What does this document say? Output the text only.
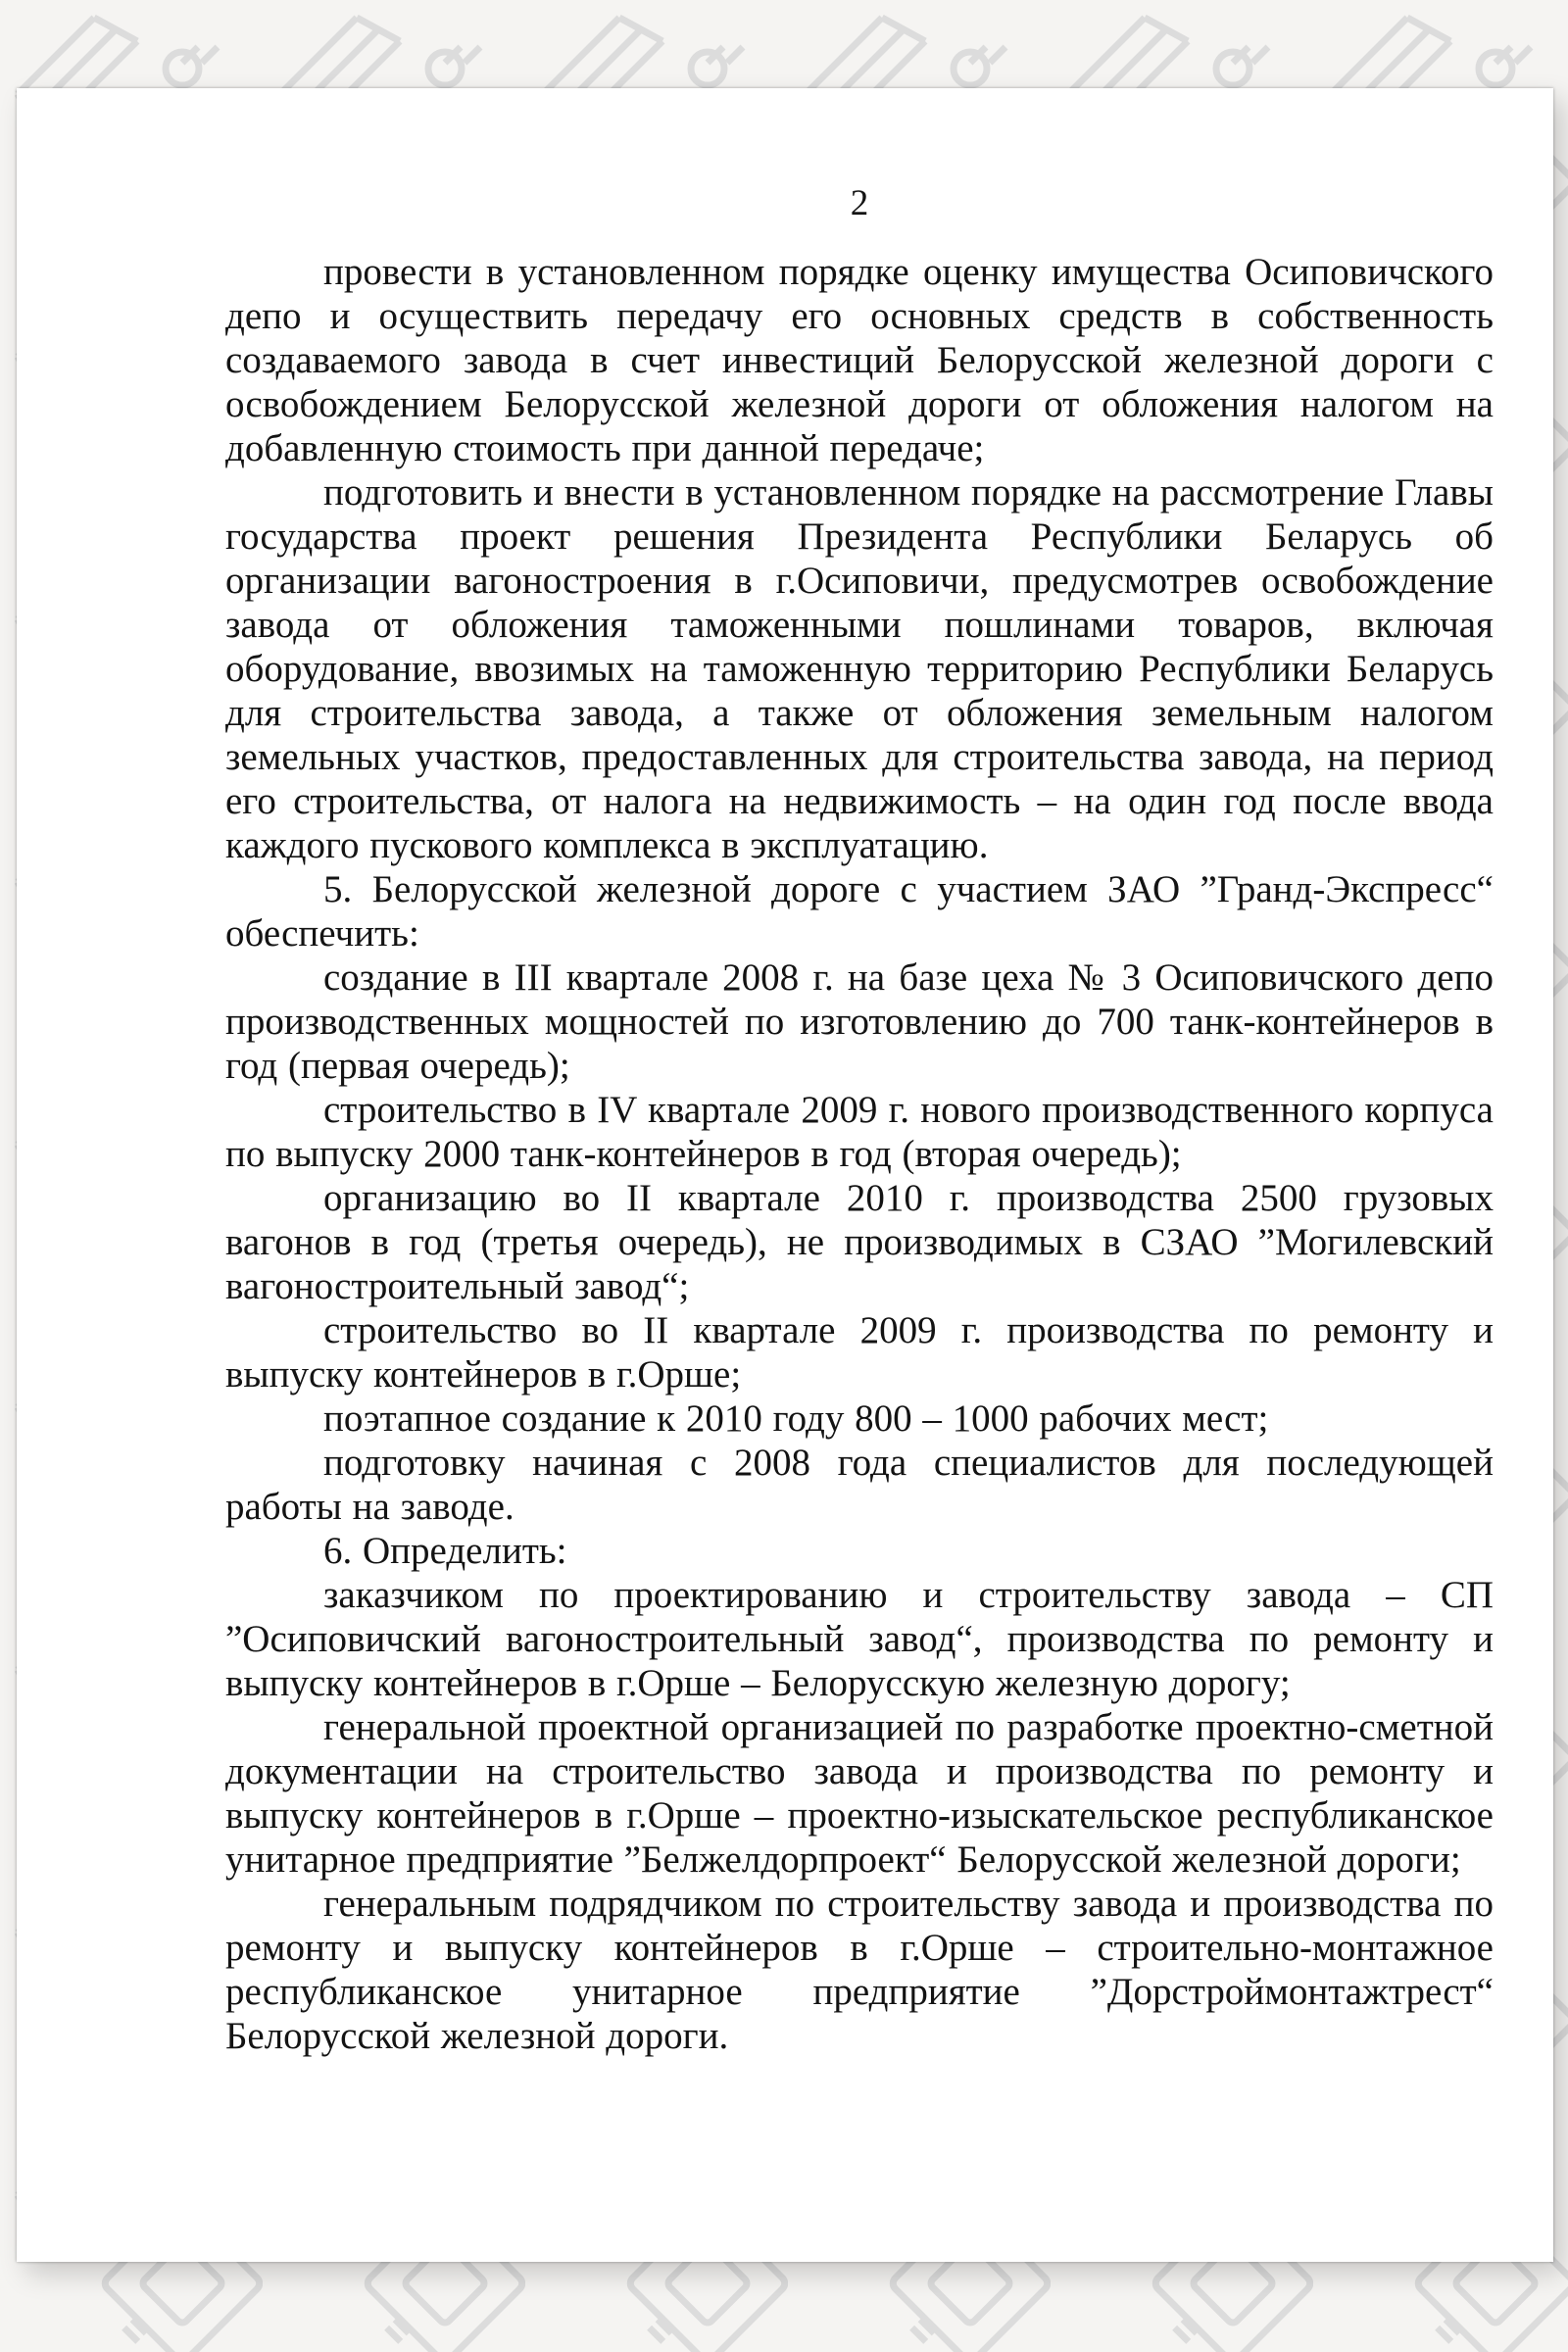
2

провести в установленном порядке оценку имущества Осиповичского депо и осуществить передачу его основных средств в собственность создаваемого завода в счет инвестиций Белорусской железной дороги с освобождением Белорусской железной дороги от обложения налогом на добавленную стоимость при данной передаче;

подготовить и внести в установленном порядке на рассмотрение Главы государства проект решения Президента Республики Беларусь об организации вагоностроения в г.Осиповичи, предусмотрев освобождение завода от обложения таможенными пошлинами товаров, включая оборудование, ввозимых на таможенную территорию Республики Беларусь для строительства завода, а также от обложения земельным налогом земельных участков, предоставленных для строительства завода, на период его строительства, от налога на недвижимость – на один год после ввода каждого пускового комплекса в эксплуатацию.

5. Белорусской железной дороге с участием ЗАО ”Гранд-Экспресс“ обеспечить:

создание в III квартале 2008 г. на базе цеха № 3 Осиповичского депо производственных мощностей по изготовлению до 700 танк-контейнеров в год (первая очередь);

строительство в IV квартале 2009 г. нового производственного корпуса по выпуску 2000 танк-контейнеров в год (вторая очередь);

организацию во II квартале 2010 г. производства 2500 грузовых вагонов в год (третья очередь), не производимых в СЗАО ”Могилевский вагоностроительный завод“;

строительство во II квартале 2009 г. производства по ремонту и выпуску контейнеров в г.Орше;

поэтапное создание к 2010 году 800 – 1000 рабочих мест;

подготовку начиная с 2008 года специалистов для последующей работы на заводе.

6. Определить:

заказчиком по проектированию и строительству завода – СП ”Осиповичский вагоностроительный завод“, производства по ремонту и выпуску контейнеров в г.Орше – Белорусскую железную дорогу;

генеральной проектной организацией по разработке проектно-сметной документации на строительство завода и производства по ремонту и выпуску контейнеров в г.Орше – проектно-изыскательское республиканское унитарное предприятие ”Белжелдорпроект“ Белорусской железной дороги;

генеральным подрядчиком по строительству завода и производства по ремонту и выпуску контейнеров в г.Орше – строительно-монтажное республиканское унитарное предприятие ”Дорстроймонтажтрест“ Белорусской железной дороги.
